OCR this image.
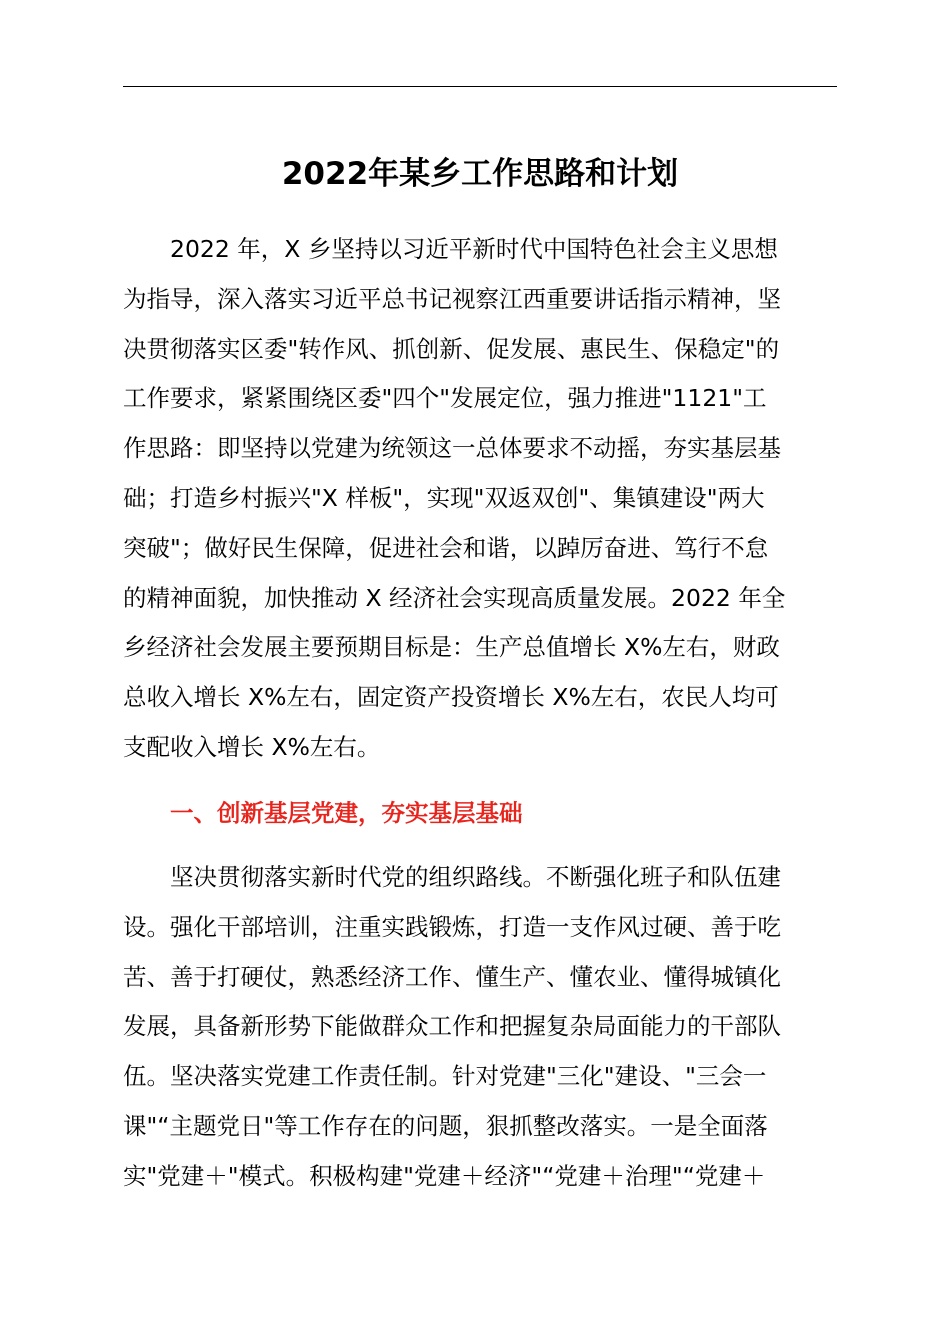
2022年某乡工作思路和计划

2022 年，X 乡坚持以习近平新时代中国特色社会主义思想
为指导，深入落实习近平总书记视察江西重要讲话指示精神，坚
决贯彻落实区委"转作风、抓创新、促发展、惠民生、保稳定"的
工作要求，紧紧围绕区委"四个"发展定位，强力推进"1121"工
作思路：即坚持以党建为统领这一总体要求不动摇，夯实基层基
础；打造乡村振兴"X 样板"，实现"双返双创"、集镇建设"两大
突破"；做好民生保障，促进社会和谐，以踔厉奋进、笃行不怠
的精神面貌，加快推动 X 经济社会实现高质量发展。2022 年全
乡经济社会发展主要预期目标是：生产总值增长 X%左右，财政
总收入增长 X%左右，固定资产投资增长 X%左右，农民人均可
支配收入增长 X%左右。

一、创新基层党建，夯实基层基础

坚决贯彻落实新时代党的组织路线。不断强化班子和队伍建
设。强化干部培训，注重实践锻炼，打造一支作风过硬、善于吃
苦、善于打硬仗，熟悉经济工作、懂生产、懂农业、懂得城镇化
发展，具备新形势下能做群众工作和把握复杂局面能力的干部队
伍。坚决落实党建工作责任制。针对党建"三化"建设、"三会一
课"“主题党日"等工作存在的问题，狠抓整改落实。一是全面落
实"党建＋"模式。积极构建"党建＋经济"“党建＋治理"“党建＋
